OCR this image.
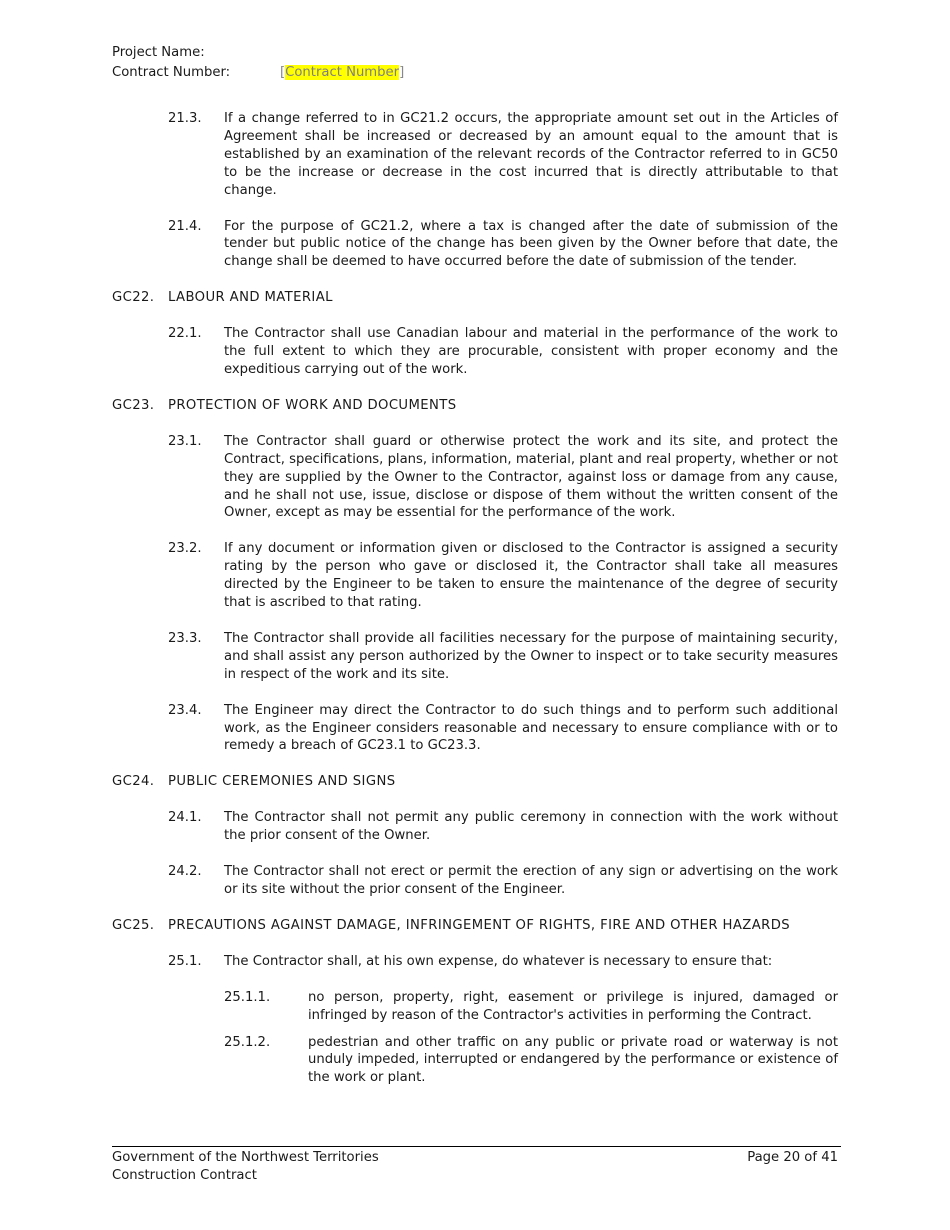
Project Name:
Contract Number:	[Contract Number]
21.3. If a change referred to in GC21.2 occurs, the appropriate amount set out in the Articles of Agreement shall be increased or decreased by an amount equal to the amount that is established by an examination of the relevant records of the Contractor referred to in GC50 to be the increase or decrease in the cost incurred that is directly attributable to that change.
21.4. For the purpose of GC21.2, where a tax is changed after the date of submission of the tender but public notice of the change has been given by the Owner before that date, the change shall be deemed to have occurred before the date of submission of the tender.
GC22. LABOUR AND MATERIAL
22.1. The Contractor shall use Canadian labour and material in the performance of the work to the full extent to which they are procurable, consistent with proper economy and the expeditious carrying out of the work.
GC23. PROTECTION OF WORK AND DOCUMENTS
23.1. The Contractor shall guard or otherwise protect the work and its site, and protect the Contract, specifications, plans, information, material, plant and real property, whether or not they are supplied by the Owner to the Contractor, against loss or damage from any cause, and he shall not use, issue, disclose or dispose of them without the written consent of the Owner, except as may be essential for the performance of the work.
23.2. If any document or information given or disclosed to the Contractor is assigned a security rating by the person who gave or disclosed it, the Contractor shall take all measures directed by the Engineer to be taken to ensure the maintenance of the degree of security that is ascribed to that rating.
23.3. The Contractor shall provide all facilities necessary for the purpose of maintaining security, and shall assist any person authorized by the Owner to inspect or to take security measures in respect of the work and its site.
23.4. The Engineer may direct the Contractor to do such things and to perform such additional work, as the Engineer considers reasonable and necessary to ensure compliance with or to remedy a breach of GC23.1 to GC23.3.
GC24. PUBLIC CEREMONIES AND SIGNS
24.1. The Contractor shall not permit any public ceremony in connection with the work without the prior consent of the Owner.
24.2. The Contractor shall not erect or permit the erection of any sign or advertising on the work or its site without the prior consent of the Engineer.
GC25. PRECAUTIONS AGAINST DAMAGE, INFRINGEMENT OF RIGHTS, FIRE AND OTHER HAZARDS
25.1. The Contractor shall, at his own expense, do whatever is necessary to ensure that:
25.1.1.	no person, property, right, easement or privilege is injured, damaged or infringed by reason of the Contractor's activities in performing the Contract.
25.1.2.	pedestrian and other traffic on any public or private road or waterway is not unduly impeded, interrupted or endangered by the performance or existence of the work or plant.
Government of the Northwest Territories
Construction Contract
Page 20 of 41
